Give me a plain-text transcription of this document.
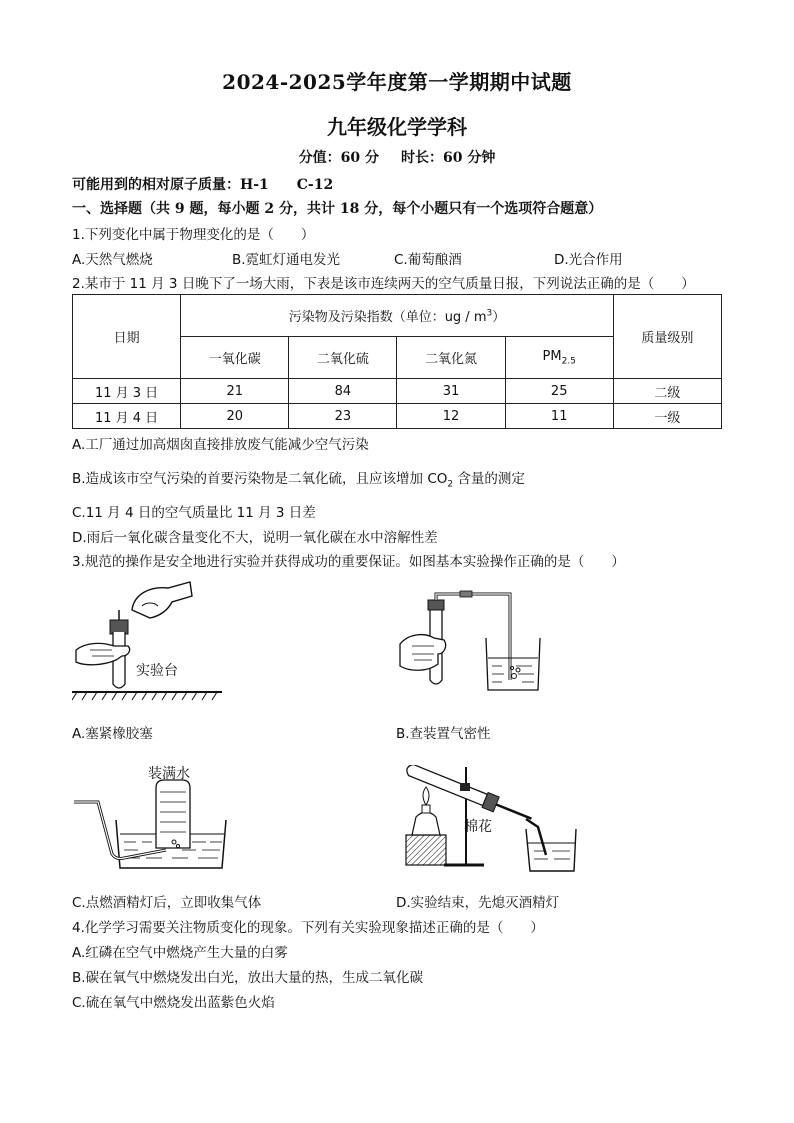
2024-2025学年度第一学期期中试题
九年级化学学科
分值：60 分 时长：60 分钟
可能用到的相对原子质量：H-1 C-12
一、选择题（共 9 题，每小题 2 分，共计 18 分，每个小题只有一个选项符合题意）
1.下列变化中属于物理变化的是（　　）
A.天然气燃烧	B.霓虹灯通电发光	C.葡萄酿酒	D.光合作用
2.某市于 11 月 3 日晚下了一场大雨，下表是该市连续两天的空气质量日报，下列说法正确的是（　　）
日期	污染物及污染指数（单位：ug / $m^3$）				质量级别
	一氧化碳	二氧化硫	二氧化氮	$PM_{2.5}$
11 月 3 日	21	84	31	25	二级
11 月 4 日	20	23	12	11	一级
A.工厂通过加高烟囱直接排放废气能减少空气污染
B.造成该市空气污染的首要污染物是二氧化硫，且应该增加 $CO_2$ 含量的测定
C.11 月 4 日的空气质量比 11 月 3 日差
D.雨后一氧化碳含量变化不大，说明一氧化碳在水中溶解性差
3.规范的操作是安全地进行实验并获得成功的重要保证。如图基本实验操作正确的是（　　）
实验台
A.塞紧橡胶塞	B.查装置气密性
装满水
C.点燃酒精灯后，立即收集气体
棉花
D.实验结束，先熄灭酒精灯
4.化学学习需要关注物质变化的现象。下列有关实验现象描述正确的是（　　）
A.红磷在空气中燃烧产生大量的白雾
B.碳在氧气中燃烧发出白光，放出大量的热，生成二氧化碳
C.硫在氧气中燃烧发出蓝紫色火焰
